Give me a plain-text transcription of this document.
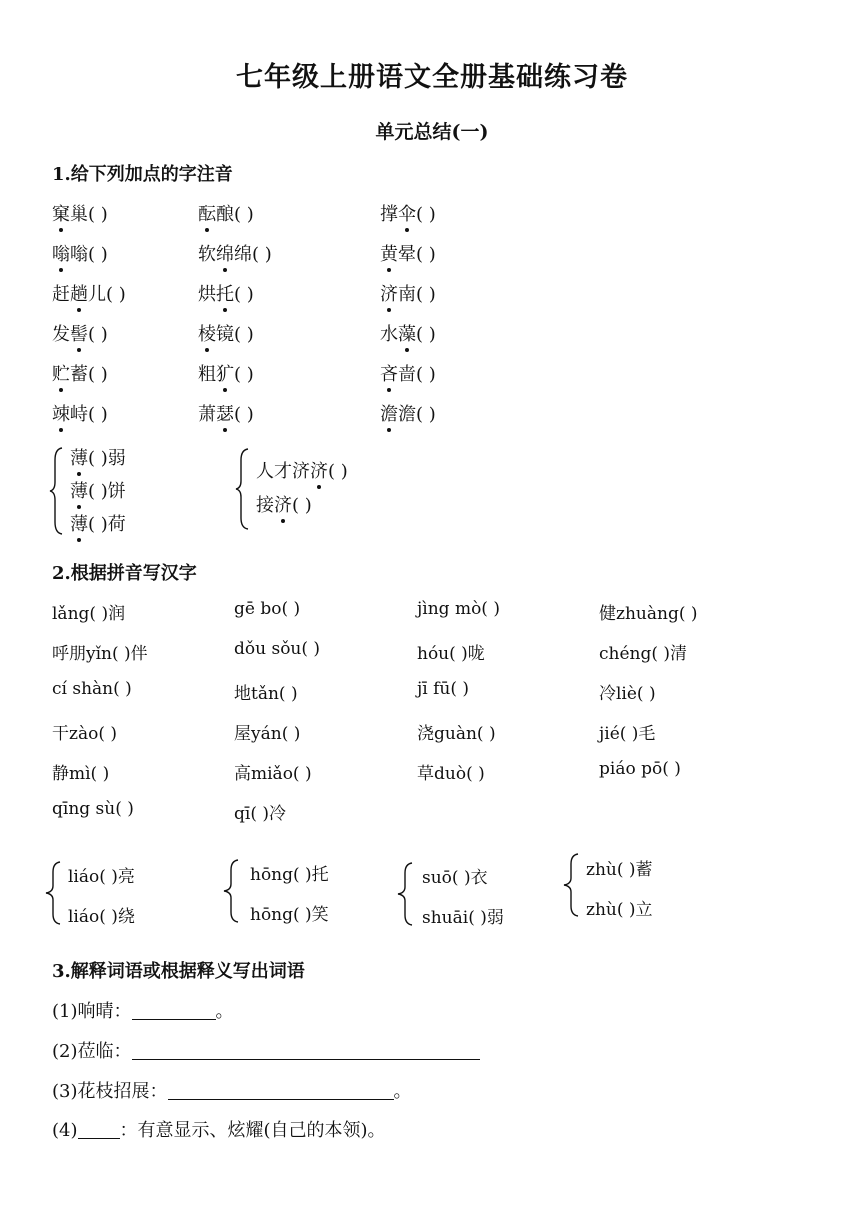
七年级上册语文全册基础练习卷
单元总结(一)
1.给下列加点的字注音
窠巢( )	酝酿( )	撑伞( )
嗡嗡( )	软绵绵( )	黄晕( )
赶趟儿( )	烘托( )	济南( )
发髻( )	棱镜( )	水藻( )
贮蓄( )	粗犷( )	吝啬( )
竦峙( )	萧瑟( )	澹澹( )
薄( )弱
薄( )饼
薄( )荷
人才济济( )
接济( )
2.根据拼音写汉字
lǎng( )润	gē bo( )	jìng mò( )	健zhuàng( )
呼朋yǐn( )伴	dǒu sǒu( )	hóu( )咙	chéng( )清
cí shàn( )	地tǎn( )	jī fū( )	冷liè( )
干zào( )	屋yán( )	浇guàn( )	jié( )毛
静mì( )	高miǎo( )	草duò( )	piáo pō( )
qīng sù( )	qī( )冷
liáo( )亮
liáo( )绕
hōng( )托
hōng( )笑
suō( )衣
shuāi( )弱
zhù( )蓄
zhù( )立
3.解释词语或根据释义写出词语
(1)响晴：	。
(2)莅临：
(3)花枝招展：	。
(4) ：有意显示、炫耀(自己的本领)。
